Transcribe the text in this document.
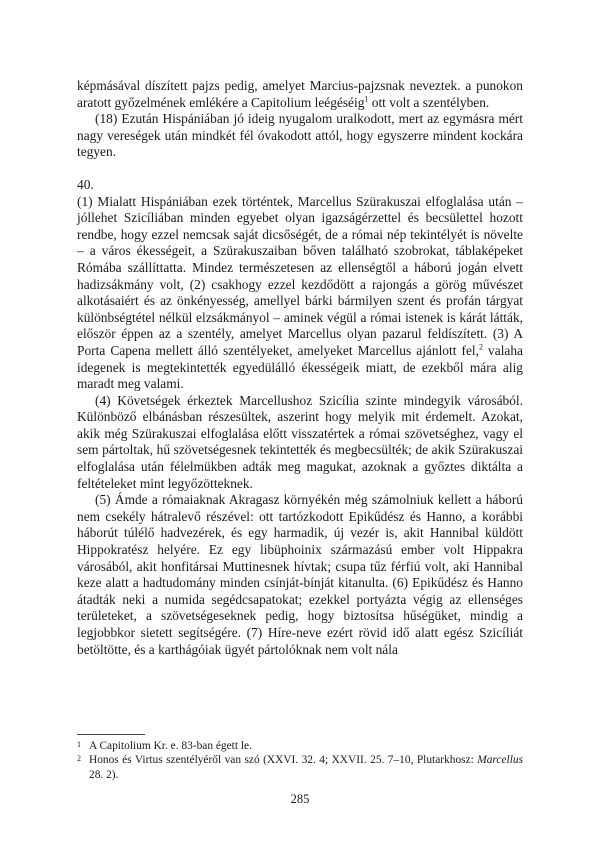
képmásával díszített pajzs pedig, amelyet Marcius-pajzsnak neveztek. a punokon aratott győzelmének emlékére a Capitolium leégéséig$^1$ ott volt a szentélyben.

(18) Ezután Hispániában jó ideig nyugalom uralkodott, mert az egymásra mért nagy vereségek után mindkét fél óvakodott attól, hogy egyszerre mindent kockára tegyen.

40.

(1) Mialatt Hispániában ezek történtek, Marcellus Szürakuszai elfoglalása után – jóllehet Szicíliában minden egyebet olyan igazságérzettel és becsülettel hozott rendbe, hogy ezzel nemcsak saját dicsőségét, de a római nép tekintélyét is növelte – a város ékességeit, a Szürakuszaiban bőven található szobrokat, táblaképeket Rómába szállíttatta. Mindez természetesen az ellenségtől a háború jogán elvett hadizsákmány volt, (2) csakhogy ezzel kezdődött a rajongás a görög művészet alkotásaiért és az önkényesség, amellyel bárki bármilyen szent és profán tárgyat különbségtétel nélkül elzsákmányol – aminek végül a római istenek is kárát látták, először éppen az a szentély, amelyet Marcellus olyan pazarul feldíszített. (3) A Porta Capena mellett álló szentélyeket, amelyeket Marcellus ajánlott fel,$^2$ valaha idegenek is megtekintették egyedülálló ékességeik miatt, de ezekből mára alig maradt meg valami.

(4) Követségek érkeztek Marcellushoz Szicília szinte mindegyik városából. Különböző elbánásban részesültek, aszerint hogy melyik mit érdemelt. Azokat, akik még Szürakuszai elfoglalása előtt visszatértek a római szövetséghez, vagy el sem pártoltak, hű szövetségesnek tekintették és megbecsülték; de akik Szürakuszai elfoglalása után félelmükben adták meg magukat, azoknak a győztes diktálta a feltételeket mint legyőzötteknek.

(5) Ámde a rómaiaknak Akragasz környékén még számolniuk kellett a háború nem csekély hátralevő részével: ott tartózkodott Epikűdész és Hanno, a korábbi háborút túlélő hadvezérek, és egy harmadik, új vezér is, akit Hannibal küldött Hippokratész helyére. Ez egy libüphoinix származású ember volt Hippakra városából, akit honfitársai Muttinesnek hívtak; csupa tűz férfiú volt, aki Hannibal keze alatt a hadtudomány minden csínját-bínját kitanulta. (6) Epikűdész és Hanno átadták neki a numida segédcsapatokat; ezekkel portyázta végig az ellenséges területeket, a szövetségeseknek pedig, hogy biztosítsa hűségüket, mindig a legjobbkor sietett segítségére. (7) Híre-neve ezért rövid idő alatt egész Szicíliát betöltötte, és a karthágóiak ügyét pártolóknak nem volt nála

1 A Capitolium Kr. e. 83-ban égett le.

2 Honos és Virtus szentélyéről van szó (XXVI. 32. 4; XXVII. 25. 7–10, Plutarkhosz: Marcellus 28. 2).

285
